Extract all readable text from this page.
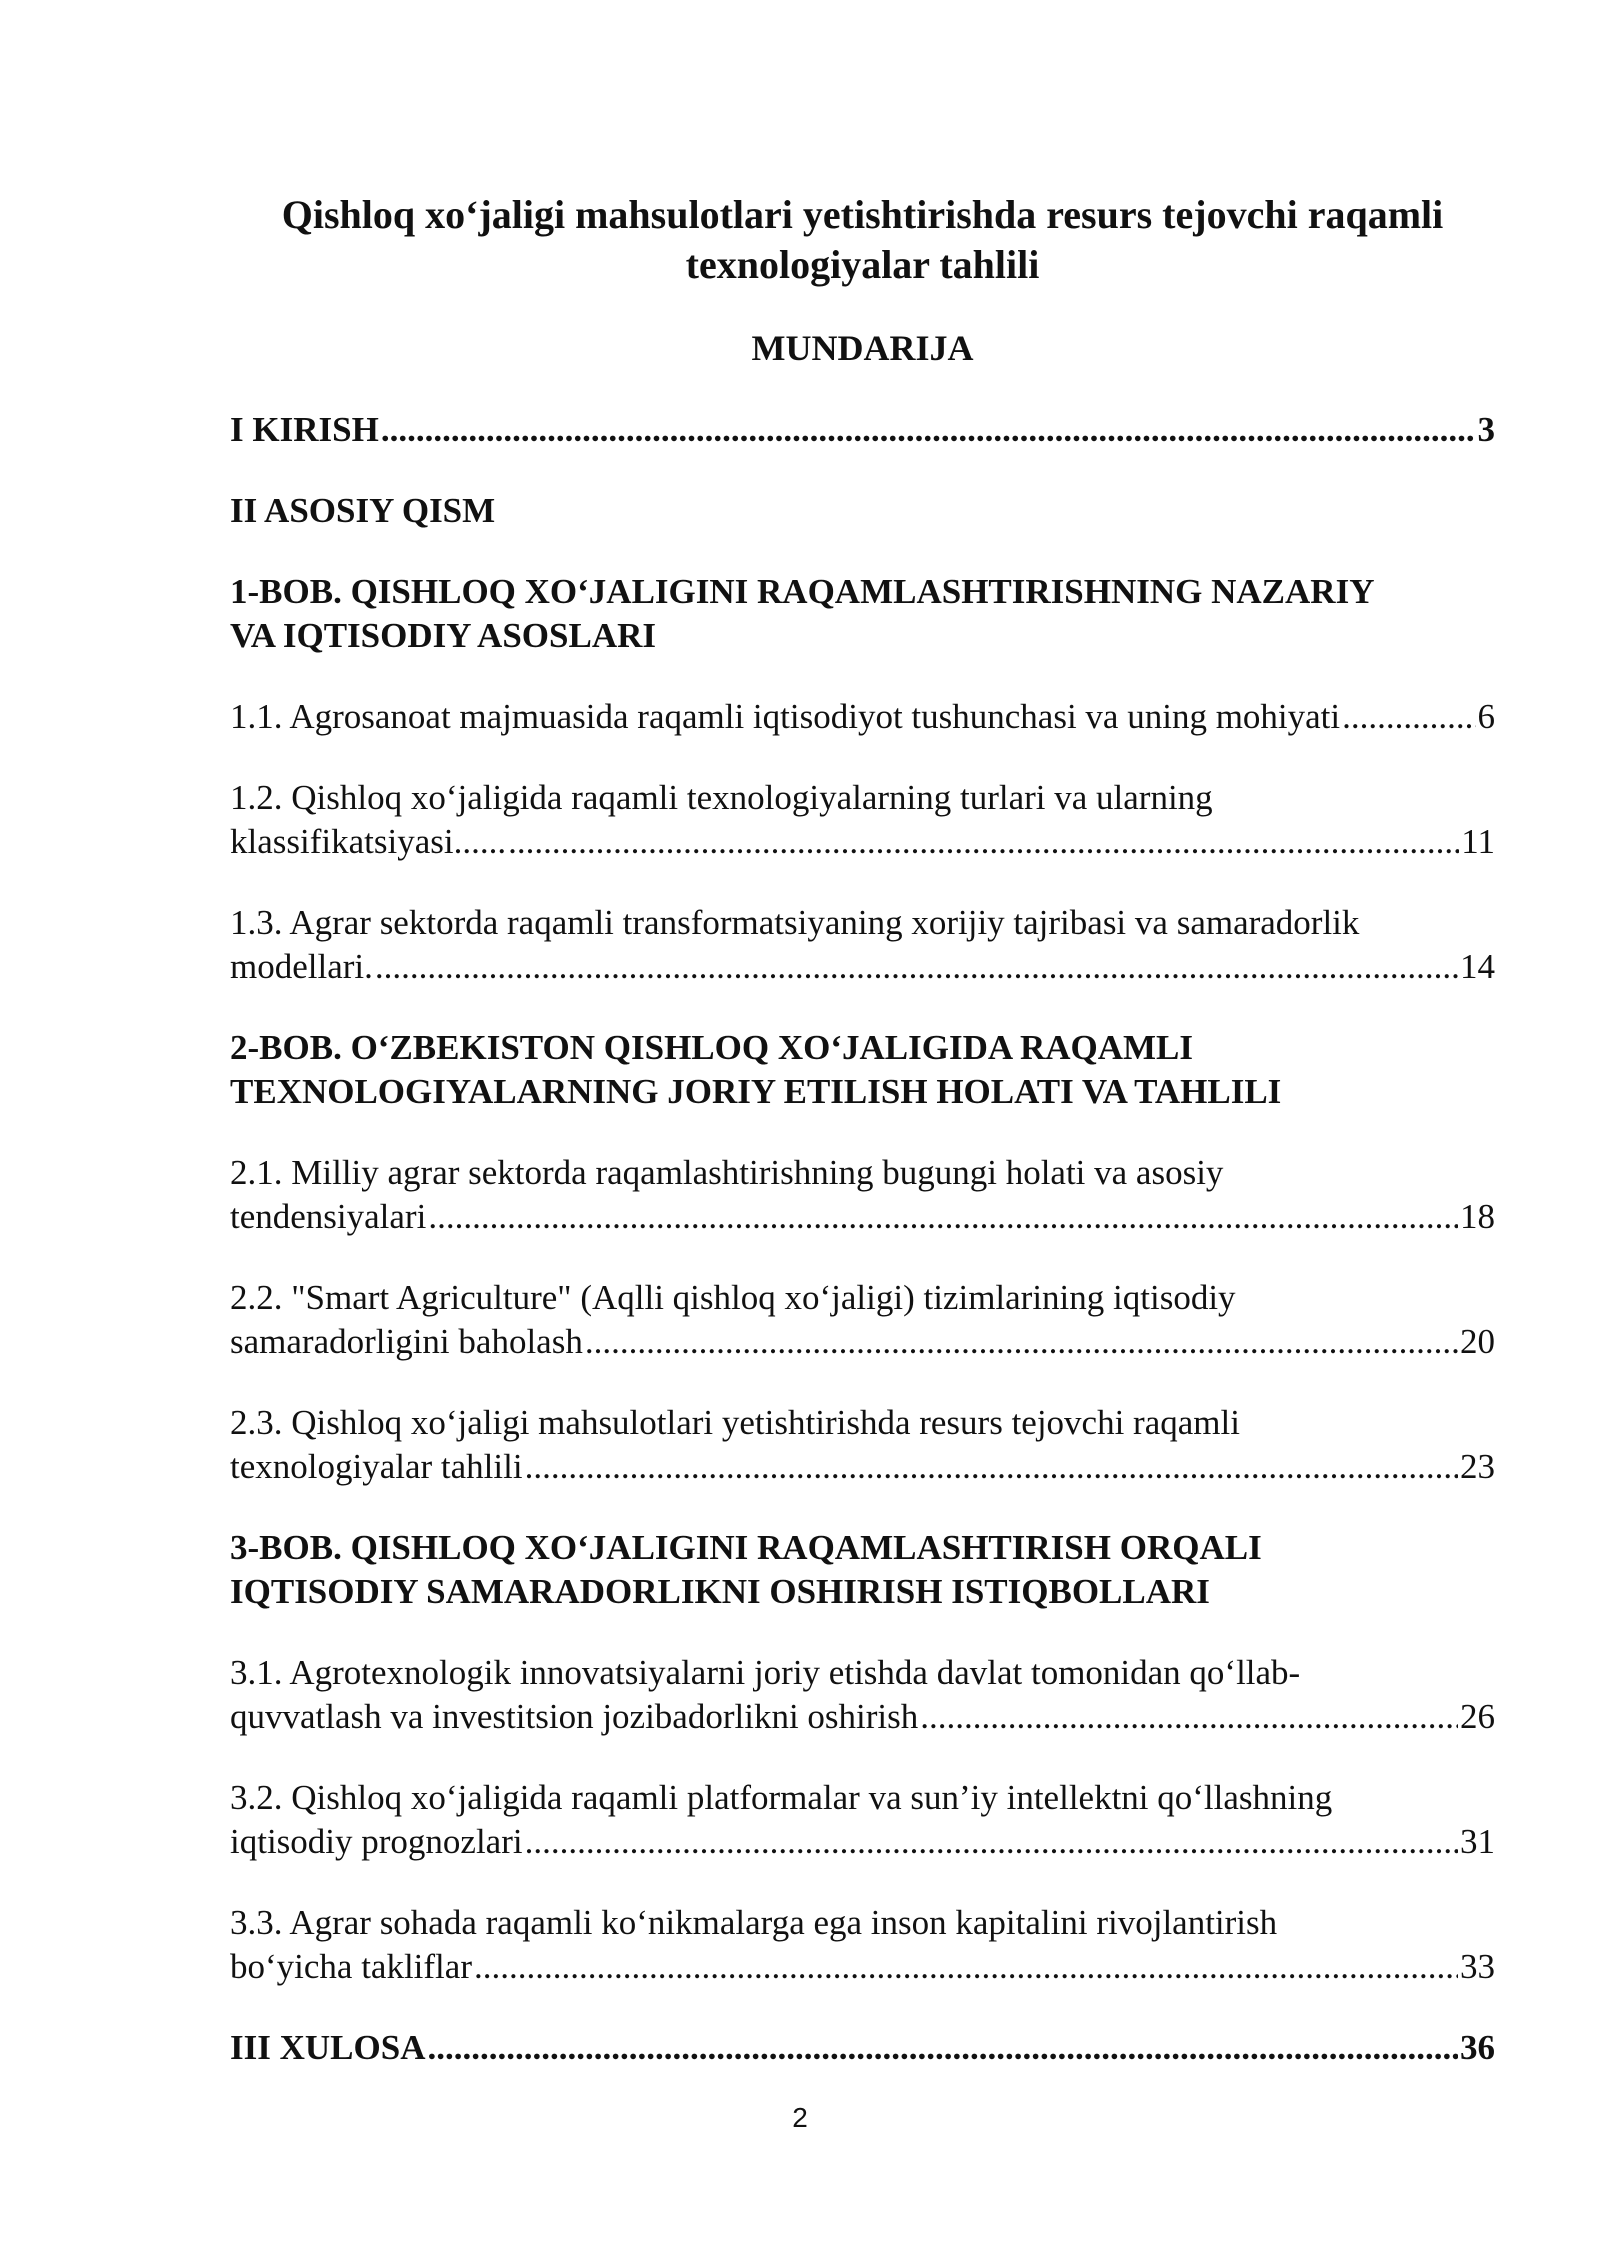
Qishloq xo‘jaligi mahsulotlari yetishtirishda resurs tejovchi raqamli texnologiyalar tahlili
MUNDARIJA
I KIRISH .....	3
II ASOSIY QISM
1-BOB. QISHLOQ XO‘JALIGINI RAQAMLASHTIRISHNING NAZARIY
VA IQTISODIY ASOSLARI
1.1. Agrosanoat majmuasida raqamli iqtisodiyot tushunchasi va uning mohiyati .....	6
1.2. Qishloq xo‘jaligida raqamli texnologiyalarning turlari va ularning
klassifikatsiyasi...... .....	11
1.3. Agrar sektorda raqamli transformatsiyaning xorijiy tajribasi va samaradorlik
modellari. .....	14
2-BOB. O‘ZBEKISTON QISHLOQ XO‘JALIGIDA RAQAMLI
TEXNOLOGIYALARNING JORIY ETILISH HOLATI VA TAHLILI
2.1. Milliy agrar sektorda raqamlashtirishning bugungi holati va asosiy
tendensiyalari .....	18
2.2. "Smart Agriculture" (Aqlli qishloq xo‘jaligi) tizimlarining iqtisodiy
samaradorligini baholash .....	20
2.3. Qishloq xo‘jaligi mahsulotlari yetishtirishda resurs tejovchi raqamli
texnologiyalar tahlili .....	23
3-BOB. QISHLOQ XO‘JALIGINI RAQAMLASHTIRISH ORQALI
IQTISODIY SAMARADORLIKNI OSHIRISH ISTIQBOLLARI
3.1. Agrotexnologik innovatsiyalarni joriy etishda davlat tomonidan qo‘llab-
quvvatlash va investitsion jozibadorlikni oshirish .....	26
3.2. Qishloq xo‘jaligida raqamli platformalar va sun’iy intellektni qo‘llashning
iqtisodiy prognozlari .....	31
3.3. Agrar sohada raqamli ko‘nikmalarga ega inson kapitalini rivojlantirish
bo‘yicha takliflar .....	33
III XULOSA .....	36
2
